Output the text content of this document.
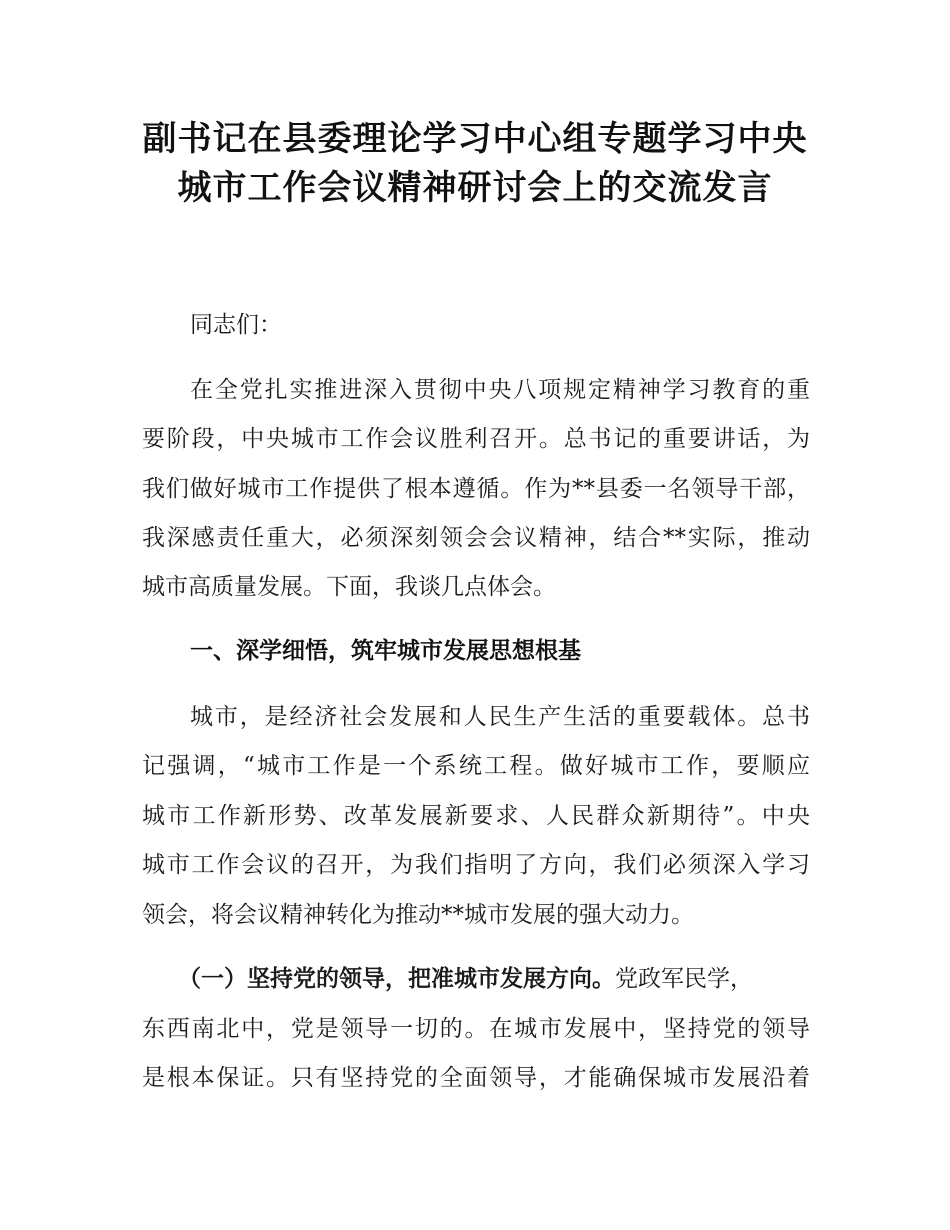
副书记在县委理论学习中心组专题学习中央
城市工作会议精神研讨会上的交流发言
同志们：
在全党扎实推进深入贯彻中央八项规定精神学习教育的重
要阶段，中央城市工作会议胜利召开。总书记的重要讲话，为
我们做好城市工作提供了根本遵循。作为**县委一名领导干部，
我深感责任重大，必须深刻领会会议精神，结合**实际，推动
城市高质量发展。下面，我谈几点体会。
一、深学细悟，筑牢城市发展思想根基
城市，是经济社会发展和人民生产生活的重要载体。总书
记强调，“城市工作是一个系统工程。做好城市工作，要顺应
城市工作新形势、改革发展新要求、人民群众新期待”。中央
城市工作会议的召开，为我们指明了方向，我们必须深入学习
领会，将会议精神转化为推动**城市发展的强大动力。
（一）坚持党的领导，把准城市发展方向。党政军民学，
东西南北中，党是领导一切的。在城市发展中，坚持党的领导
是根本保证。只有坚持党的全面领导，才能确保城市发展沿着
